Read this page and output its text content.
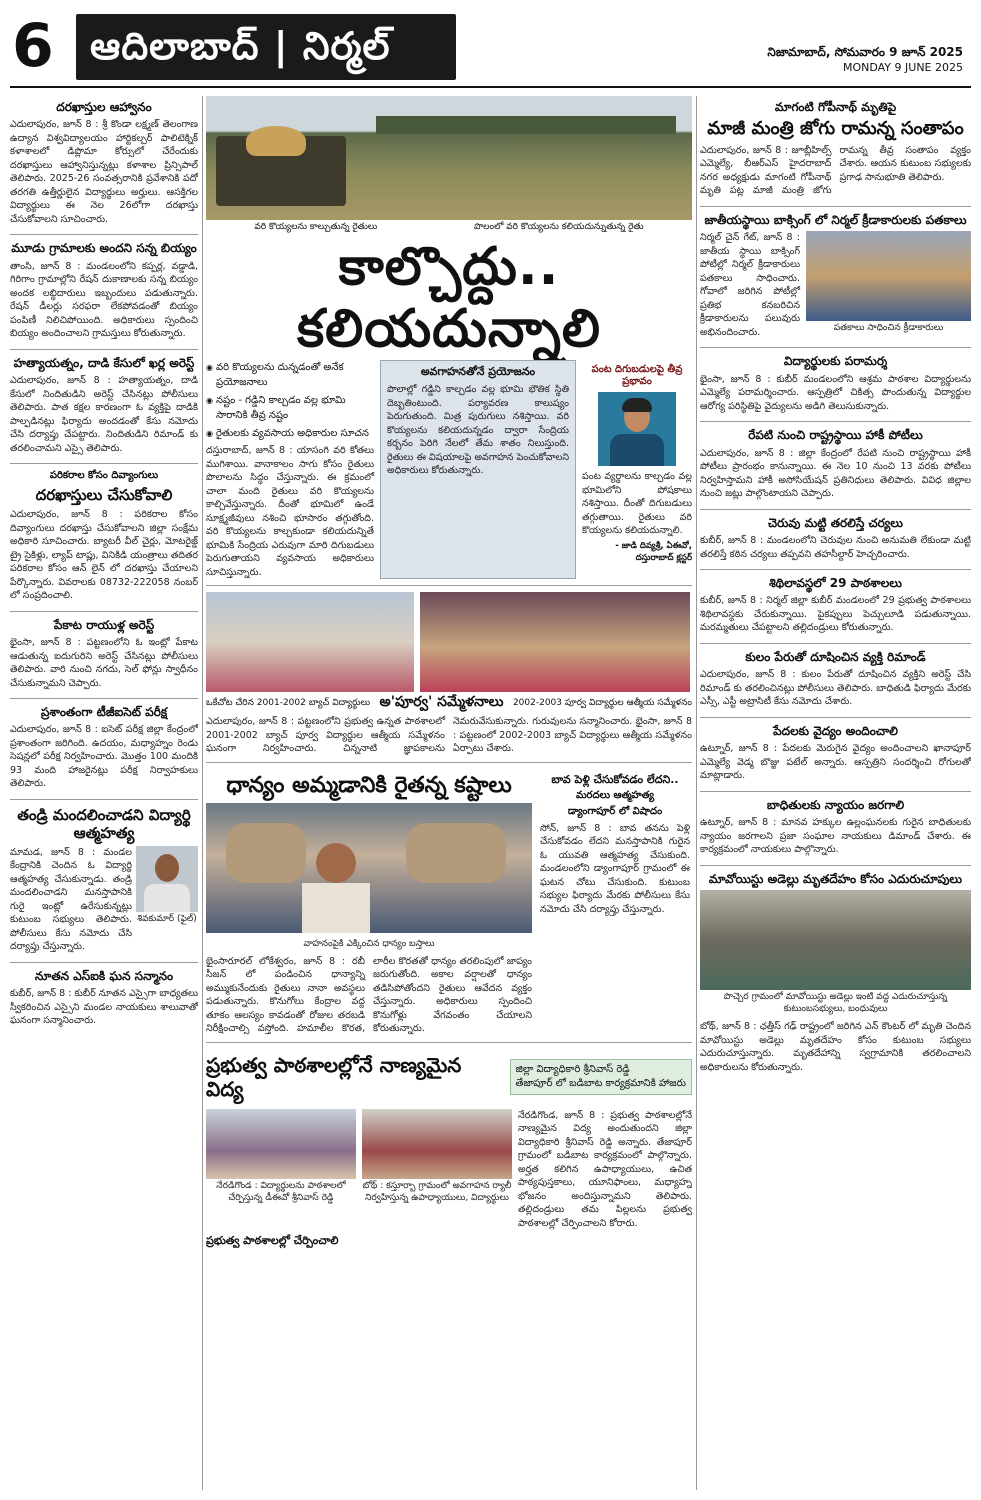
6 ఆదిలాబాద్ | నిర్మల్	నిజామాబాద్, సోమవారం 9 జూన్ 2025
MONDAY 9 JUNE 2025
దరఖాస్తుల ఆహ్వానం
ఎదులాపురం, జూన్ 8 : శ్రీ కొండా లక్ష్మణ్ తెలంగాణ ఉద్యాన విశ్వవిద్యాలయం హార్టికల్చర్ పాలిటెక్నిక్ కళాశాలలో డిప్లొమా కోర్సులో చేరేందుకు దరఖాస్తులు ఆహ్వానిస్తున్నట్లు కళాశాల ప్రిన్సిపాల్ తెలిపారు. 2025-26 సంవత్సరానికి ప్రవేశానికి పదో తరగతి ఉత్తీర్ణులైన విద్యార్థులు అర్హులు. ఆసక్తిగల విద్యార్థులు ఈ నెల 26లోగా దరఖాస్తు చేసుకోవాలని సూచించారు.
మూడు గ్రామాలకు అందని సన్న బియ్యం
తాంసి, జూన్ 8 : మండలంలోని కప్పర్ల, వడ్డాడి, గిరిగాం గ్రామాల్లోని రేషన్ దుకాణాలకు సన్న బియ్యం అందక లబ్ధిదారులు ఇబ్బందులు పడుతున్నారు. రేషన్ డీలర్లు సరఫరా లేకపోవడంతో బియ్యం పంపిణీ నిలిచిపోయింది. అధికారులు స్పందించి బియ్యం అందించాలని గ్రామస్తులు కోరుతున్నారు.
హత్యాయత్నం, దాడి కేసులో ఖర్ల అరెస్ట్
ఎదులాపురం, జూన్ 8 : హత్యాయత్నం, దాడి కేసులో నిందితుడిని అరెస్ట్ చేసినట్లు పోలీసులు తెలిపారు. పాత కక్షల కారణంగా ఓ వ్యక్తిపై దాడికి పాల్పడినట్లు ఫిర్యాదు అందడంతో కేసు నమోదు చేసి దర్యాప్తు చేపట్టారు. నిందితుడిని రిమాండ్ కు తరలించామని ఎస్సై తెలిపారు.
పరికరాల కోసం దివ్యాంగులు
దరఖాస్తులు చేసుకోవాలి
ఎదులాపురం, జూన్ 8 : పరికరాల కోసం దివ్యాంగులు దరఖాస్తు చేసుకోవాలని జిల్లా సంక్షేమ అధికారి సూచించారు. బ్యాటరీ వీల్ చైర్లు, మోటరైజ్డ్ ట్రై సైకిళ్లు, ల్యాప్ టాప్లు, వినికిడి యంత్రాలు తదితర పరికరాల కోసం ఆన్ లైన్ లో దరఖాస్తు చేయాలని పేర్కొన్నారు. వివరాలకు 08732-222058 నంబర్ లో సంప్రదించాలి.
పేకాట రాయుళ్ల అరెస్ట్
భైంసా, జూన్ 8 : పట్టణంలోని ఓ ఇంట్లో పేకాట ఆడుతున్న ఐదుగురిని అరెస్ట్ చేసినట్లు పోలీసులు తెలిపారు. వారి నుంచి నగదు, సెల్ ఫోన్లు స్వాధీనం చేసుకున్నామని చెప్పారు.
ప్రశాంతంగా టీజీఐసెట్ పరీక్ష
ఎదులాపురం, జూన్ 8 : ఐసెట్ పరీక్ష జిల్లా కేంద్రంలో ప్రశాంతంగా జరిగింది. ఉదయం, మధ్యాహ్నం రెండు సెషన్లలో పరీక్ష నిర్వహించారు. మొత్తం 100 మందికి 93 మంది హాజరైనట్లు పరీక్ష నిర్వాహకులు తెలిపారు.
తండ్రి మందలించాడని విద్యార్థి ఆత్మహత్య
శివకుమార్ (ఫైల్)
మామడ, జూన్ 8 : మండల కేంద్రానికి చెందిన ఓ విద్యార్థి ఆత్మహత్య చేసుకున్నాడు. తండ్రి మందలించాడని మనస్తాపానికి గురై ఇంట్లో ఉరేసుకున్నట్లు కుటుంబ సభ్యులు తెలిపారు. పోలీసులు కేసు నమోదు చేసి దర్యాప్తు చేస్తున్నారు.
నూతన ఎస్‌ఐకి ఘన సన్మానం
కుబీర్, జూన్ 8 : కుబీర్ నూతన ఎస్సైగా బాధ్యతలు స్వీకరించిన ఎస్సైని మండల నాయకులు శాలువాతో ఘనంగా సన్మానించారు.
వరి కొయ్యలను కాల్చుతున్న రైతులు	పొలంలో వరి కొయ్యలను కలియదున్నుతున్న రైతు
కాల్చొద్దు.. కలియదున్నాలి
◉ వరి కొయ్యలను దున్నడంతో అనేక ప్రయోజనాలు
◉ నష్టం - గడ్డిని కాల్చడం వల్ల భూమి సారానికి తీవ్ర నష్టం
◉ రైతులకు వ్యవసాయ అధికారుల సూచన
దస్తురాబాద్, జూన్ 8 : యాసంగి వరి కోతలు ముగిశాయి. వానాకాలం సాగు కోసం రైతులు పొలాలను సిద్ధం చేస్తున్నారు. ఈ క్రమంలో చాలా మంది రైతులు వరి కొయ్యలను కాల్చివేస్తున్నారు. దీంతో భూమిలో ఉండే సూక్ష్మజీవులు నశించి భూసారం తగ్గుతోంది. వరి కొయ్యలను కాల్చకుండా కలియదున్నితే భూమికి సేంద్రియ ఎరువుగా మారి దిగుబడులు పెరుగుతాయని వ్యవసాయ అధికారులు సూచిస్తున్నారు.
అవగాహనతోనే ప్రయోజనం
పొలాల్లో గడ్డిని కాల్చడం వల్ల భూమి భౌతిక స్థితి దెబ్బతింటుంది. పర్యావరణ కాలుష్యం పెరుగుతుంది. మిత్ర పురుగులు నశిస్తాయి. వరి కొయ్యలను కలియదున్నడం ద్వారా సేంద్రియ కర్బనం పెరిగి నేలలో తేమ శాతం నిలుస్తుంది. రైతులు ఈ విషయాలపై అవగాహన పెంచుకోవాలని అధికారులు కోరుతున్నారు.
పంట దిగుబడులపై తీవ్ర ప్రభావం
పంట వ్యర్థాలను కాల్చడం వల్ల భూమిలోని పోషకాలు నశిస్తాయి. దీంతో దిగుబడులు తగ్గుతాయి. రైతులు వరి కొయ్యలను కలియదున్నాలి.
- జాడి దివ్యశ్రీ, ఏఈవో, దస్తురాబాద్ క్లస్టర్
ఒకేచోట చేరిన 2001-2002 బ్యాచ్ విద్యార్థులు అ'పూర్వ' సమ్మేళనాలు 2002-2003 పూర్వ విద్యార్థుల ఆత్మీయ సమ్మేళనం
ఎదులాపురం, జూన్ 8 : పట్టణంలోని ప్రభుత్వ ఉన్నత పాఠశాలలో 2001-2002 బ్యాచ్ పూర్వ విద్యార్థుల ఆత్మీయ సమ్మేళనం ఘనంగా నిర్వహించారు. చిన్ననాటి జ్ఞాపకాలను నెమరువేసుకున్నారు. గురువులను సన్మానించారు. భైంసా, జూన్ 8 : పట్టణంలో 2002-2003 బ్యాచ్ విద్యార్థులు ఆత్మీయ సమ్మేళనం ఏర్పాటు చేశారు.
ధాన్యం అమ్మడానికి రైతన్న కష్టాలు
వాహనంపైకి ఎక్కించిన ధాన్యం బస్తాలు
భైంసారూరల్ లోకేశ్వరం, జూన్ 8 : రబీ సీజన్ లో పండించిన ధాన్యాన్ని అమ్ముకునేందుకు రైతులు నానా అవస్థలు పడుతున్నారు. కొనుగోలు కేంద్రాల వద్ద తూకం ఆలస్యం కావడంతో రోజుల తరబడి నిరీక్షించాల్సి వస్తోంది. హమాలీల కొరత, లారీల కొరతతో ధాన్యం తరలింపులో జాప్యం జరుగుతోంది. అకాల వర్షాలతో ధాన్యం తడిసిపోతోందని రైతులు ఆవేదన వ్యక్తం చేస్తున్నారు. అధికారులు స్పందించి కొనుగోళ్లు వేగవంతం చేయాలని కోరుతున్నారు.
బావ పెళ్లి చేసుకోవడం లేదని..
మరదలు ఆత్మహత్య
డ్యాంగాపూర్ లో విషాదం
సోన్, జూన్ 8 : బావ తనను పెళ్లి చేసుకోవడం లేదని మనస్తాపానికి గురైన ఓ యువతి ఆత్మహత్య చేసుకుంది. మండలంలోని డ్యాంగాపూర్ గ్రామంలో ఈ ఘటన చోటు చేసుకుంది. కుటుంబ సభ్యుల ఫిర్యాదు మేరకు పోలీసులు కేసు నమోదు చేసి దర్యాప్తు చేస్తున్నారు.
ప్రభుత్వ పాఠశాలల్లోనే నాణ్యమైన విద్య
జిల్లా విద్యాధికారి శ్రీనివాస్ రెడ్డి
తేజాపూర్ లో బడిబాట కార్యక్రమానికి హాజరు
నేరడిగొండ : విద్యార్థులను పాఠశాలలో చేర్పిస్తున్న డీఈవో శ్రీనివాస్ రెడ్డి
బోథ్ : కస్తూర్బా గ్రామంలో అవగాహన ర్యాలీ నిర్వహిస్తున్న ఉపాధ్యాయులు, విద్యార్థులు
నేరడిగొండ, జూన్ 8 : ప్రభుత్వ పాఠశాలల్లోనే నాణ్యమైన విద్య అందుతుందని జిల్లా విద్యాధికారి శ్రీనివాస్ రెడ్డి అన్నారు. తేజాపూర్ గ్రామంలో బడిబాట కార్యక్రమంలో పాల్గొన్నారు. అర్హత కలిగిన ఉపాధ్యాయులు, ఉచిత పాఠ్యపుస్తకాలు, యూనిఫాంలు, మధ్యాహ్న భోజనం అందిస్తున్నామని తెలిపారు. తల్లిదండ్రులు తమ పిల్లలను ప్రభుత్వ పాఠశాలల్లో చేర్పించాలని కోరారు.
ప్రభుత్వ పాఠశాలల్లో చేర్పించాలి
మాగంటి గోపీనాథ్ మృతిపై
మాజీ మంత్రి జోగు రామన్న సంతాపం
ఎదులాపురం, జూన్ 8 : జూబ్లీహిల్స్ ఎమ్మెల్యే, బీఆర్ఎస్ హైదరాబాద్ నగర అధ్యక్షుడు మాగంటి గోపీనాథ్ మృతి పట్ల మాజీ మంత్రి జోగు రామన్న తీవ్ర సంతాపం వ్యక్తం చేశారు. ఆయన కుటుంబ సభ్యులకు ప్రగాఢ సానుభూతి తెలిపారు.
జాతీయస్థాయి బాక్సింగ్ లో నిర్మల్ క్రీడాకారులకు పతకాలు
నిర్మల్ చైన్ గేట్, జూన్ 8 : జాతీయ స్థాయి బాక్సింగ్ పోటీల్లో నిర్మల్ క్రీడాకారులు పతకాలు సాధించారు. గోవాలో జరిగిన పోటీల్లో ప్రతిభ కనబరిచిన క్రీడాకారులను పలువురు అభినందించారు.	పతకాలు సాధించిన క్రీడాకారులు
విద్యార్థులకు పరామర్శ
భైంసా, జూన్ 8 : కుబీర్ మండలంలోని ఆశ్రమ పాఠశాల విద్యార్థులను ఎమ్మెల్యే పరామర్శించారు. ఆస్పత్రిలో చికిత్స పొందుతున్న విద్యార్థుల ఆరోగ్య పరిస్థితిపై వైద్యులను అడిగి తెలుసుకున్నారు.
రేపటి నుంచి రాష్ట్రస్థాయి హాకీ పోటీలు
ఎదులాపురం, జూన్ 8 : జిల్లా కేంద్రంలో రేపటి నుంచి రాష్ట్రస్థాయి హాకీ పోటీలు ప్రారంభం కానున్నాయి. ఈ నెల 10 నుంచి 13 వరకు పోటీలు నిర్వహిస్తామని హాకీ అసోసియేషన్ ప్రతినిధులు తెలిపారు. వివిధ జిల్లాల నుంచి జట్లు పాల్గొంటాయని చెప్పారు.
చెరువు మట్టి తరలిస్తే చర్యలు
కుబీర్, జూన్ 8 : మండలంలోని చెరువుల నుంచి అనుమతి లేకుండా మట్టి తరలిస్తే కఠిన చర్యలు తప్పవని తహసీల్దార్ హెచ్చరించారు.
శిథిలావస్థలో 29 పాఠశాలలు
కుబీర్, జూన్ 8 : నిర్మల్ జిల్లా కుబీర్ మండలంలో 29 ప్రభుత్వ పాఠశాలలు శిథిలావస్థకు చేరుకున్నాయి. పైకప్పులు పెచ్చులూడి పడుతున్నాయి. మరమ్మతులు చేపట్టాలని తల్లిదండ్రులు కోరుతున్నారు.
కులం పేరుతో దూషించిన వ్యక్తి రిమాండ్
ఎదులాపురం, జూన్ 8 : కులం పేరుతో దూషించిన వ్యక్తిని అరెస్ట్ చేసి రిమాండ్ కు తరలించినట్లు పోలీసులు తెలిపారు. బాధితుడి ఫిర్యాదు మేరకు ఎస్సీ, ఎస్టీ అట్రాసిటీ కేసు నమోదు చేశారు.
పేదలకు వైద్యం అందించాలి
ఉట్నూర్, జూన్ 8 : పేదలకు మెరుగైన వైద్యం అందించాలని ఖానాపూర్ ఎమ్మెల్యే వెడ్మ బొజ్జు పటేల్ అన్నారు. ఆస్పత్రిని సందర్శించి రోగులతో మాట్లాడారు.
బాధితులకు న్యాయం జరగాలి
ఉట్నూర్, జూన్ 8 : మానవ హక్కుల ఉల్లంఘనలకు గురైన బాధితులకు న్యాయం జరగాలని ప్రజా సంఘాల నాయకులు డిమాండ్ చేశారు. ఈ కార్యక్రమంలో నాయకులు పాల్గొన్నారు.
మావోయిస్టు అడెల్లు మృతదేహం కోసం ఎదురుచూపులు
పొచ్చెర గ్రామంలో మావోయిస్టు అడెల్లు ఇంటి వద్ద ఎదురుచూస్తున్న కుటుంబసభ్యులు, బంధువులు
బోథ్, జూన్ 8 : ఛత్తీస్ గఢ్ రాష్ట్రంలో జరిగిన ఎన్ కౌంటర్ లో మృతి చెందిన మావోయిస్టు అడెల్లు మృతదేహం కోసం కుటుంబ సభ్యులు ఎదురుచూస్తున్నారు. మృతదేహాన్ని స్వగ్రామానికి తరలించాలని అధికారులను కోరుతున్నారు.
